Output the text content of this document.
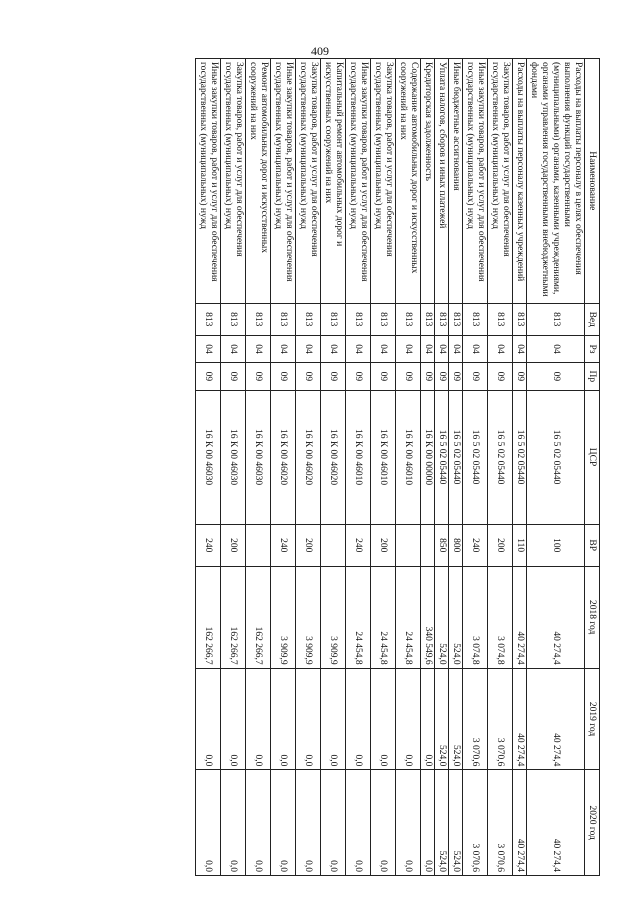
409
Наименование	Вед	Рз	Пр	ЦСР	ВР	2018 год	2019 год	2020 год
Расходы на выплаты персоналу в целях обеспечения выполнения функций государственными (муниципальными) органами, казенными учреждениями, органами управления государственными внебюджетными фондами	813	04	09	16 5 02 05440	100	40 274,4	40 274,4	40 274,4
Расходы на выплаты персоналу казенных учреждений	813	04	09	16 5 02 05440	110	40 274,4	40 274,4	40 274,4
Закупка товаров, работ и услуг для обеспечения государственных (муниципальных) нужд	813	04	09	16 5 02 05440	200	3 074,8	3 070,6	3 070,6
Иные закупки товаров, работ и услуг для обеспечения государственных (муниципальных) нужд	813	04	09	16 5 02 05440	240	3 074,8	3 070,6	3 070,6
Иные бюджетные ассигнования	813	04	09	16 5 02 05440	800	524,0	524,0	524,0
Уплата налогов, сборов и иных платежей	813	04	09	16 5 02 05440	850	524,0	524,0	524,0
Кредиторская задолженность	813	04	09	16 К 00 00000		340 549,6	0,0	0,0
Содержание автомобильных дорог и искусственных сооружений на них	813	04	09	16 К 00 46010		24 454,8	0,0	0,0
Закупка товаров, работ и услуг для обеспечения государственных (муниципальных) нужд	813	04	09	16 К 00 46010	200	24 454,8	0,0	0,0
Иные закупки товаров, работ и услуг для обеспечения государственных (муниципальных) нужд	813	04	09	16 К 00 46010	240	24 454,8	0,0	0,0
Капитальный ремонт автомобильных дорог и искусственных сооружений на них	813	04	09	16 К 00 46020		3 909,9	0,0	0,0
Закупка товаров, работ и услуг для обеспечения государственных (муниципальных) нужд	813	04	09	16 К 00 46020	200	3 909,9	0,0	0,0
Иные закупки товаров, работ и услуг для обеспечения государственных (муниципальных) нужд	813	04	09	16 К 00 46020	240	3 909,9	0,0	0,0
Ремонт автомобильных дорог и искусственных сооружений на них	813	04	09	16 К 00 46030		162 266,7	0,0	0,0
Закупка товаров, работ и услуг для обеспечения государственных (муниципальных) нужд	813	04	09	16 К 00 46030	200	162 266,7	0,0	0,0
Иные закупки товаров, работ и услуг для обеспечения государственных (муниципальных) нужд	813	04	09	16 К 00 46030	240	162 266,7	0,0	0,0
